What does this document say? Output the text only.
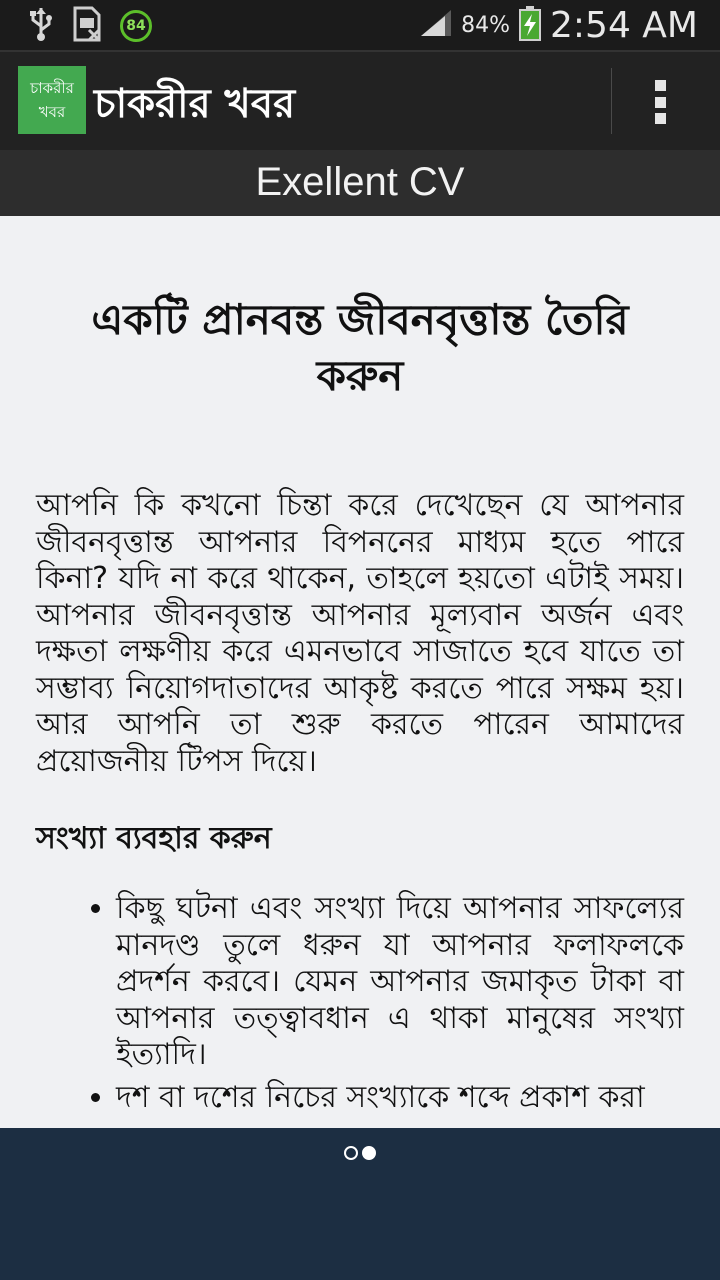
84	84% 2:54 AM
চাকরীর
খবর চাকরীর খবর
Exellent CV
একটি প্রানবন্ত জীবনবৃত্তান্ত তৈরি করুন
আপনি কি কখনো চিন্তা করে দেখেছেন যে আপনার জীবনবৃত্তান্ত আপনার বিপননের মাধ্যম হতে পারে কিনা? যদি না করে থাকেন, তাহলে হয়তো এটাই সময়। আপনার জীবনবৃত্তান্ত আপনার মূল্যবান অর্জন এবং দক্ষতা লক্ষণীয় করে এমনভাবে সাজাতে হবে যাতে তা সম্ভাব্য নিয়োগদাতাদের আকৃষ্ট করতে পারে সক্ষম হয়। আর আপনি তা শুরু করতে পারেন আমাদের প্রয়োজনীয় টিপস দিয়ে।
সংখ্যা ব্যবহার করুন
• কিছু ঘটনা এবং সংখ্যা দিয়ে আপনার সাফল্যের মানদণ্ড তুলে ধরুন যা আপনার ফলাফলকে প্রদর্শন করবে। যেমন আপনার জমাকৃত টাকা বা আপনার তত্ত্বাবধান এ থাকা মানুষের সংখ্যা ইত্যাদি।
• দশ বা দশের নিচের সংখ্যাকে শব্দে প্রকাশ করা
